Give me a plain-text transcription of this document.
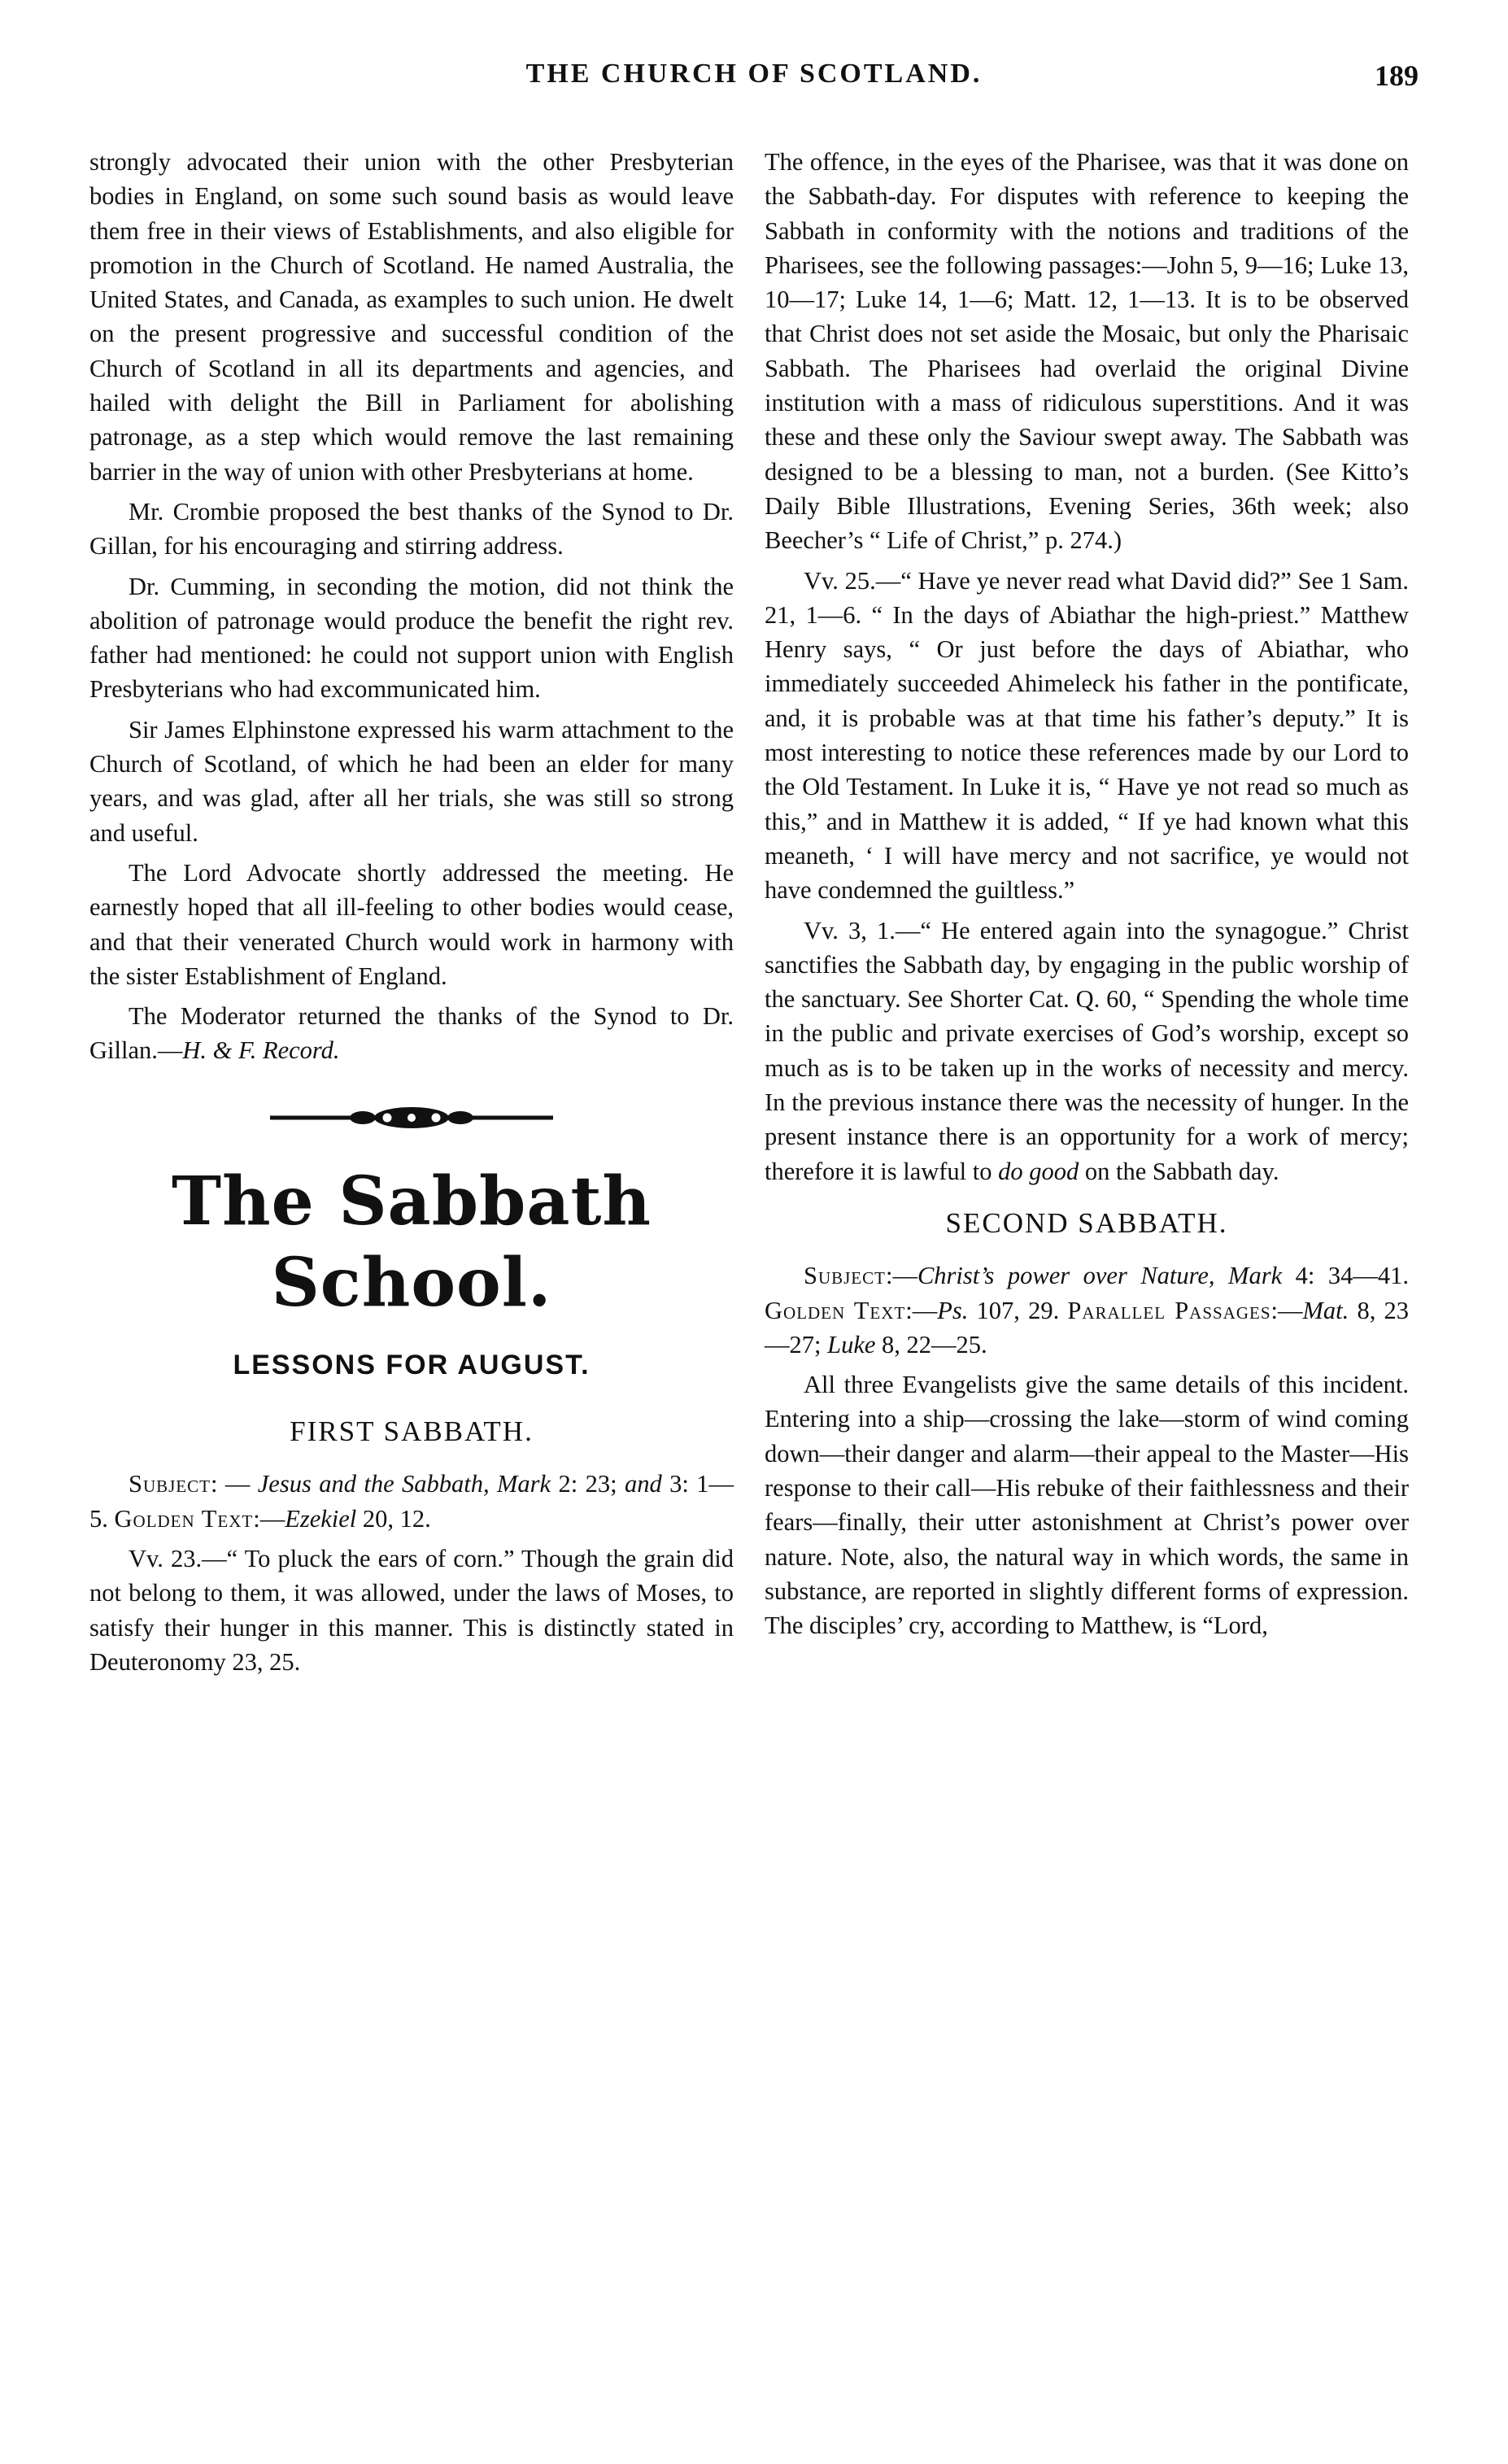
THE CHURCH OF SCOTLAND.	189

strongly advocated their union with the other Presbyterian bodies in England, on some such sound basis as would leave them free in their views of Establishments, and also eligible for promotion in the Church of Scotland. He named Australia, the United States, and Canada, as examples to such union. He dwelt on the present progressive and successful condition of the Church of Scotland in all its departments and agencies, and hailed with delight the Bill in Parliament for abolishing patronage, as a step which would remove the last remaining barrier in the way of union with other Presbyterians at home.

Mr. Crombie proposed the best thanks of the Synod to Dr. Gillan, for his encouraging and stirring address.

Dr. Cumming, in seconding the motion, did not think the abolition of patronage would produce the benefit the right rev. father had mentioned: he could not support union with English Presbyterians who had excommunicated him.

Sir James Elphinstone expressed his warm attachment to the Church of Scotland, of which he had been an elder for many years, and was glad, after all her trials, she was still so strong and useful.

The Lord Advocate shortly addressed the meeting. He earnestly hoped that all ill-feeling to other bodies would cease, and that their venerated Church would work in harmony with the sister Establishment of England.

The Moderator returned the thanks of the Synod to Dr. Gillan.—H. & F. Record.

The Sabbath School.
LESSONS FOR AUGUST.
FIRST SABBATH.

Subject: — Jesus and the Sabbath, Mark 2: 23; and 3: 1—5. Golden Text:—Ezekiel 20, 12.

Vv. 23.—“ To pluck the ears of corn.” Though the grain did not belong to them, it was allowed, under the laws of Moses, to satisfy their hunger in this manner. This is distinctly stated in Deuteronomy 23, 25.

The offence, in the eyes of the Pharisee, was that it was done on the Sabbath-day. For disputes with reference to keeping the Sabbath in conformity with the notions and traditions of the Pharisees, see the following passages:—John 5, 9—16; Luke 13, 10—17; Luke 14, 1—6; Matt. 12, 1—13. It is to be observed that Christ does not set aside the Mosaic, but only the Pharisaic Sabbath. The Pharisees had overlaid the original Divine institution with a mass of ridiculous superstitions. And it was these and these only the Saviour swept away. The Sabbath was designed to be a blessing to man, not a burden. (See Kitto’s Daily Bible Illustrations, Evening Series, 36th week; also Beecher’s “ Life of Christ,” p. 274.)

Vv. 25.—“ Have ye never read what David did?” See 1 Sam. 21, 1—6. “ In the days of Abiathar the high-priest.” Matthew Henry says, “ Or just before the days of Abiathar, who immediately succeeded Ahimeleck his father in the pontificate, and, it is probable was at that time his father’s deputy.” It is most interesting to notice these references made by our Lord to the Old Testament. In Luke it is, “ Have ye not read so much as this,” and in Matthew it is added, “ If ye had known what this meaneth, ‘ I will have mercy and not sacrifice, ye would not have condemned the guiltless.”

Vv. 3, 1.—“ He entered again into the synagogue.” Christ sanctifies the Sabbath day, by engaging in the public worship of the sanctuary. See Shorter Cat. Q. 60, “ Spending the whole time in the public and private exercises of God’s worship, except so much as is to be taken up in the works of necessity and mercy. In the previous instance there was the necessity of hunger. In the present instance there is an opportunity for a work of mercy; therefore it is lawful to do good on the Sabbath day.

SECOND SABBATH.

Subject:—Christ’s power over Nature, Mark 4: 34—41. Golden Text:—Ps. 107, 29. Parallel Passages:—Mat. 8, 23—27; Luke 8, 22—25.

All three Evangelists give the same details of this incident. Entering into a ship—crossing the lake—storm of wind coming down—their danger and alarm—their appeal to the Master—His response to their call—His rebuke of their faithlessness and their fears—finally, their utter astonishment at Christ’s power over nature. Note, also, the natural way in which words, the same in substance, are reported in slightly different forms of expression. The disciples’ cry, according to Matthew, is “Lord,
